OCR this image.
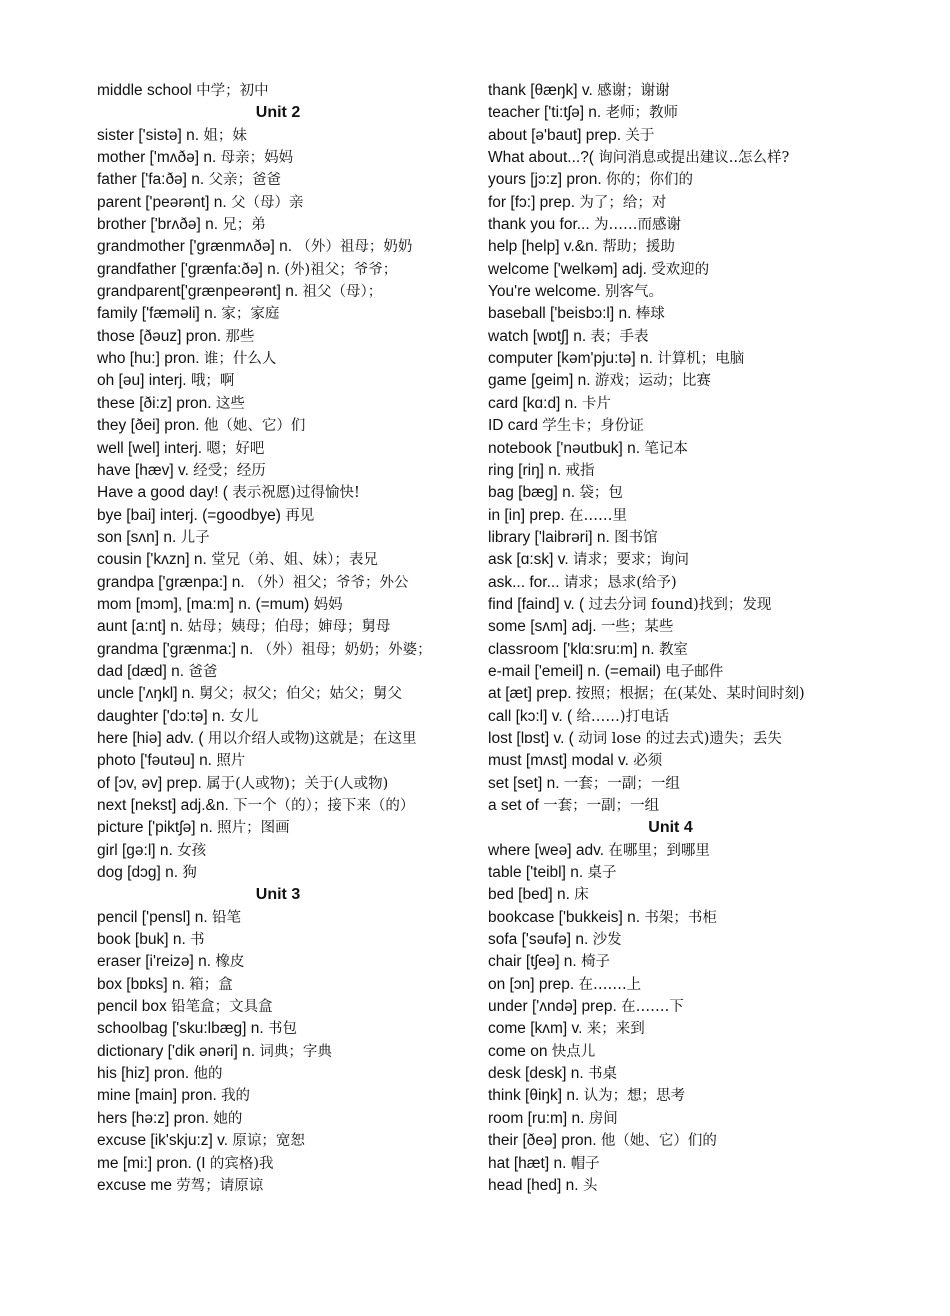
middle school 中学；初中
Unit 2
sister ['sistə] n. 姐；妹
mother ['mʌðə] n. 母亲；妈妈
father ['fa:ðə] n. 父亲；爸爸
parent ['peərənt] n. 父（母）亲
brother ['brʌðə] n. 兄；弟
grandmother ['grænmʌðə] n. （外）祖母；奶奶
grandfather ['grænfa:ðə] n. (外)祖父；爷爷；
grandparent['grænpeərənt] n. 祖父（母）；
family ['fæməli] n. 家；家庭
those [ðəuz] pron. 那些
who [hu:] pron. 谁；什么人
oh [əu] interj. 哦；啊
these [ði:z] pron. 这些
they [ðei] pron. 他（她、它）们
well [wel] interj. 嗯；好吧
have [hæv] v. 经受；经历
Have a good day! ( 表示祝愿)过得愉快!
bye [bai] interj. (=goodbye) 再见
son [sʌn] n. 儿子
cousin ['kʌzn] n. 堂兄（弟、姐、妹）；表兄
grandpa ['grænpa:] n. （外）祖父；爷爷；外公
mom [mɔm], [ma:m] n. (=mum) 妈妈
aunt [a:nt] n. 姑母；姨母；伯母；婶母；舅母
grandma ['grænma:] n. （外）祖母；奶奶；外婆；
dad [dæd] n. 爸爸
uncle ['ʌŋkl] n. 舅父；叔父；伯父；姑父；舅父
daughter ['dɔ:tə] n. 女儿
here [hiə] adv. ( 用以介绍人或物)这就是；在这里
photo ['fəutəu] n. 照片
of [ɔv, əv] prep. 属于(人或物)；关于(人或物)
next [nekst] adj.&n. 下一个（的）；接下来（的）
picture ['piktʃə] n. 照片；图画
girl [gə:l] n. 女孩
dog [dɔg] n. 狗
Unit 3
pencil ['pensl] n. 铅笔
book [buk] n. 书
eraser [i'reizə] n. 橡皮
box [bɒks] n. 箱；盒
pencil box 铅笔盒；文具盒
schoolbag ['sku:lbæg] n. 书包
dictionary ['dik ənəri] n. 词典；字典
his [hiz] pron. 他的
mine [main] pron. 我的
hers [hə:z] pron. 她的
excuse [ik'skju:z] v. 原谅；宽恕
me [mi:] pron. (I 的宾格)我
excuse me 劳驾；请原谅
thank [θæŋk] v. 感谢；谢谢
teacher ['ti:tʃə] n. 老师；教师
about [ə'baut] prep. 关于
What about...?( 询问消息或提出建议..怎么样?
yours [jɔ:z] pron. 你的；你们的
for [fɔ:] prep. 为了；给；对
thank you for... 为……而感谢
help [help] v.&n. 帮助；援助
welcome ['welkəm] adj. 受欢迎的
You're welcome. 别客气。
baseball ['beisbɔ:l] n. 棒球
watch [wɒtʃ] n. 表；手表
computer [kəm'pju:tə] n. 计算机；电脑
game [geim] n. 游戏；运动；比赛
card [kɑ:d] n. 卡片
ID card 学生卡；身份证
notebook ['nəutbuk] n. 笔记本
ring [riŋ] n. 戒指
bag [bæg] n. 袋；包
in [in] prep. 在……里
library ['laibrəri] n. 图书馆
ask [ɑ:sk] v. 请求；要求；询问
ask... for... 请求；恳求(给予)
find [faind] v. ( 过去分词 found)找到；发现
some [sʌm] adj. 一些；某些
classroom ['klɑ:sru:m] n. 教室
e-mail ['emeil] n. (=email) 电子邮件
at [æt] prep. 按照；根据；在(某处、某时间时刻)
call [kɔ:l] v. ( 给……)打电话
lost [lɒst] v. ( 动词 lose 的过去式)遗失；丢失
must [mʌst] modal v. 必须
set [set] n. 一套；一副；一组
a set of 一套；一副；一组
Unit 4
where [weə] adv. 在哪里；到哪里
table ['teibl] n. 桌子
bed [bed] n. 床
bookcase ['bukkeis] n. 书架；书柜
sofa ['səufə] n. 沙发
chair [tʃeə] n. 椅子
on [ɔn] prep. 在…….上
under ['ʌndə] prep. 在…….下
come [kʌm] v. 来；来到
come on 快点儿
desk [desk] n. 书桌
think [θiŋk] n. 认为；想；思考
room [ru:m] n. 房间
their [ðeə] pron. 他（她、它）们的
hat [hæt] n. 帽子
head [hed] n. 头
